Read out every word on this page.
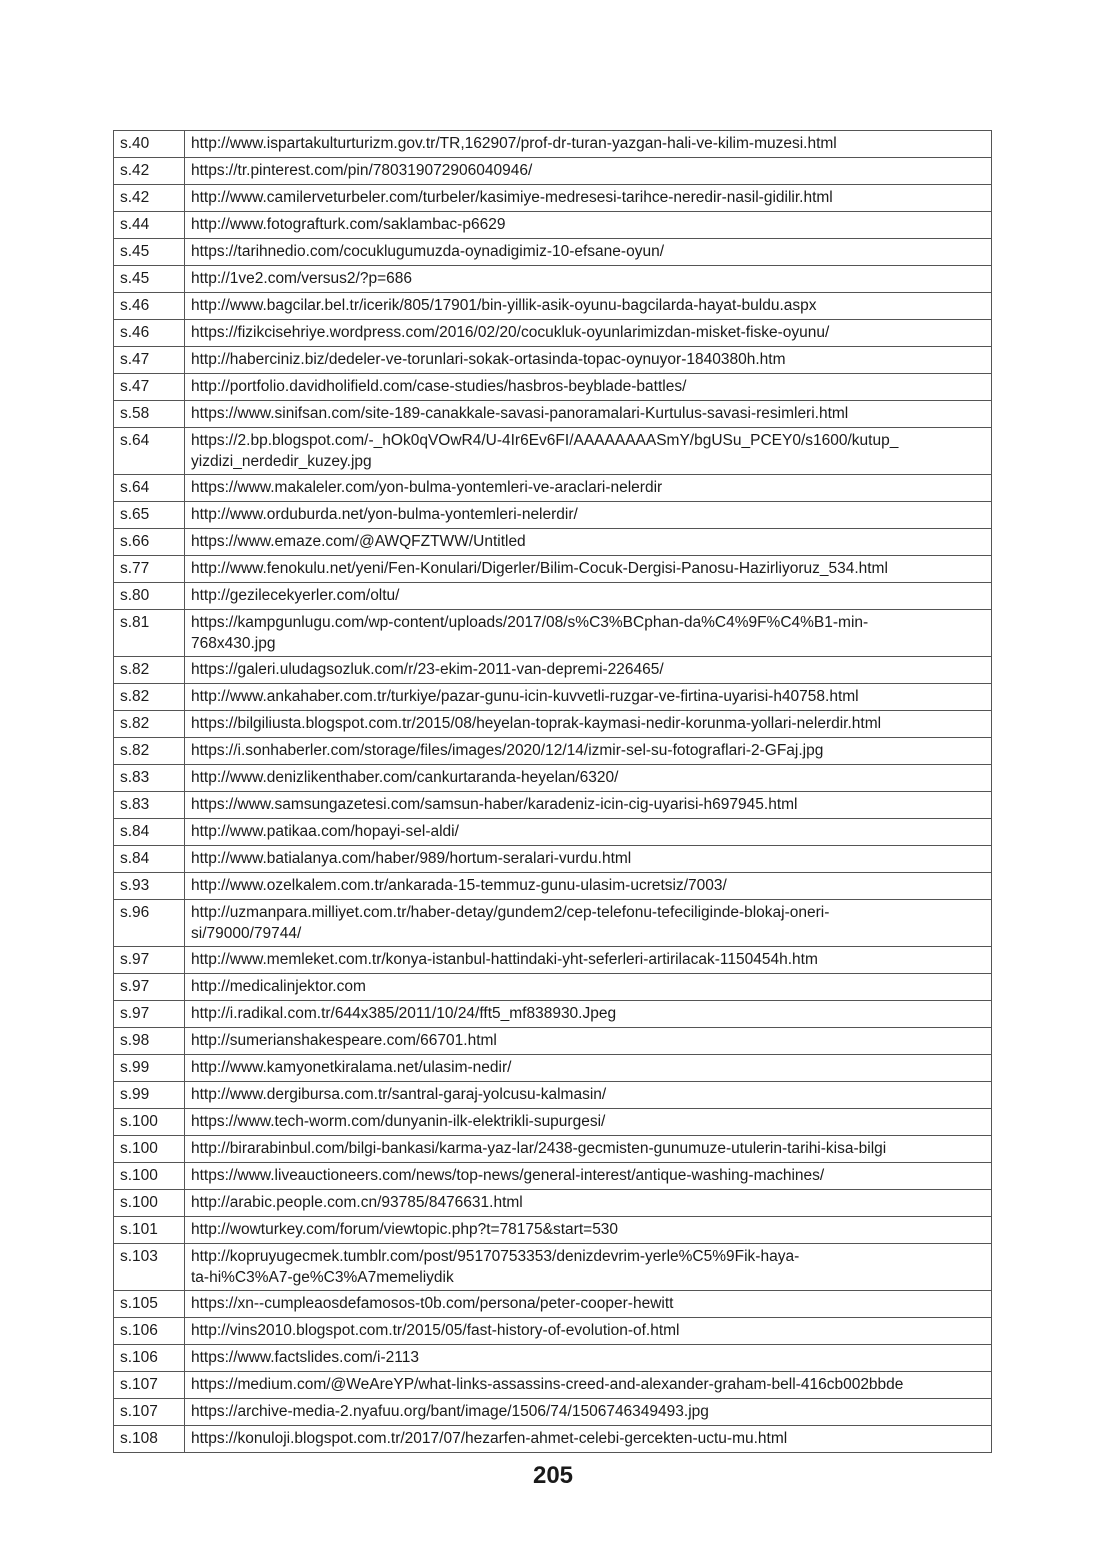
s.40	http://www.ispartakulturturizm.gov.tr/TR,162907/prof-dr-turan-yazgan-hali-ve-kilim-muzesi.html

s.42	https://tr.pinterest.com/pin/780319072906040946/

s.42	http://www.camilerveturbeler.com/turbeler/kasimiye-medresesi-tarihce-neredir-nasil-gidilir.html

s.44	http://www.fotografturk.com/saklambac-p6629

s.45	https://tarihnedio.com/cocuklugumuzda-oynadigimiz-10-efsane-oyun/

s.45	http://1ve2.com/versus2/?p=686

s.46	http://www.bagcilar.bel.tr/icerik/805/17901/bin-yillik-asik-oyunu-bagcilarda-hayat-buldu.aspx

s.46	https://fizikcisehriye.wordpress.com/2016/02/20/cocukluk-oyunlarimizdan-misket-fiske-oyunu/

s.47	http://haberciniz.biz/dedeler-ve-torunlari-sokak-ortasinda-topac-oynuyor-1840380h.htm

s.47	http://portfolio.davidholifield.com/case-studies/hasbros-beyblade-battles/

s.58	https://www.sinifsan.com/site-189-canakkale-savasi-panoramalari-Kurtulus-savasi-resimleri.html

s.64	https://2.bp.blogspot.com/-_hOk0qVOwR4/U-4Ir6Ev6FI/AAAAAAAASmY/bgUSu_PCEY0/s1600/kutup_
yizdizi_nerdedir_kuzey.jpg

s.64	https://www.makaleler.com/yon-bulma-yontemleri-ve-araclari-nelerdir

s.65	http://www.orduburda.net/yon-bulma-yontemleri-nelerdir/

s.66	https://www.emaze.com/@AWQFZTWW/Untitled

s.77	http://www.fenokulu.net/yeni/Fen-Konulari/Digerler/Bilim-Cocuk-Dergisi-Panosu-Hazirliyoruz_534.html

s.80	http://gezilecekyerler.com/oltu/

s.81	https://kampgunlugu.com/wp-content/uploads/2017/08/s%C3%BCphan-da%C4%9F%C4%B1-min-
768x430.jpg

s.82	https://galeri.uludagsozluk.com/r/23-ekim-2011-van-depremi-226465/

s.82	http://www.ankahaber.com.tr/turkiye/pazar-gunu-icin-kuvvetli-ruzgar-ve-firtina-uyarisi-h40758.html

s.82	https://bilgiliusta.blogspot.com.tr/2015/08/heyelan-toprak-kaymasi-nedir-korunma-yollari-nelerdir.html

s.82	https://i.sonhaberler.com/storage/files/images/2020/12/14/izmir-sel-su-fotograflari-2-GFaj.jpg

s.83	http://www.denizlikenthaber.com/cankurtaranda-heyelan/6320/

s.83	https://www.samsungazetesi.com/samsun-haber/karadeniz-icin-cig-uyarisi-h697945.html

s.84	http://www.patikaa.com/hopayi-sel-aldi/

s.84	http://www.batialanya.com/haber/989/hortum-seralari-vurdu.html

s.93	http://www.ozelkalem.com.tr/ankarada-15-temmuz-gunu-ulasim-ucretsiz/7003/

s.96	http://uzmanpara.milliyet.com.tr/haber-detay/gundem2/cep-telefonu-tefeciliginde-blokaj-oneri-
si/79000/79744/

s.97	http://www.memleket.com.tr/konya-istanbul-hattindaki-yht-seferleri-artirilacak-1150454h.htm

s.97	http://medicalinjektor.com

s.97	http://i.radikal.com.tr/644x385/2011/10/24/fft5_mf838930.Jpeg

s.98	http://sumerianshakespeare.com/66701.html

s.99	http://www.kamyonetkiralama.net/ulasim-nedir/

s.99	http://www.dergibursa.com.tr/santral-garaj-yolcusu-kalmasin/

s.100	https://www.tech-worm.com/dunyanin-ilk-elektrikli-supurgesi/

s.100	http://birarabinbul.com/bilgi-bankasi/karma-yaz-lar/2438-gecmisten-gunumuze-utulerin-tarihi-kisa-bilgi

s.100	https://www.liveauctioneers.com/news/top-news/general-interest/antique-washing-machines/

s.100	http://arabic.people.com.cn/93785/8476631.html

s.101	http://wowturkey.com/forum/viewtopic.php?t=78175&start=530

s.103	http://kopruyugecmek.tumblr.com/post/95170753353/denizdevrim-yerle%C5%9Fik-haya-
ta-hi%C3%A7-ge%C3%A7memeliydik

s.105	https://xn--cumpleaosdefamosos-t0b.com/persona/peter-cooper-hewitt

s.106	http://vins2010.blogspot.com.tr/2015/05/fast-history-of-evolution-of.html

s.106	https://www.factslides.com/i-2113

s.107	https://medium.com/@WeAreYP/what-links-assassins-creed-and-alexander-graham-bell-416cb002bbde

s.107	https://archive-media-2.nyafuu.org/bant/image/1506/74/1506746349493.jpg

s.108	https://konuloji.blogspot.com.tr/2017/07/hezarfen-ahmet-celebi-gercekten-uctu-mu.html
205
